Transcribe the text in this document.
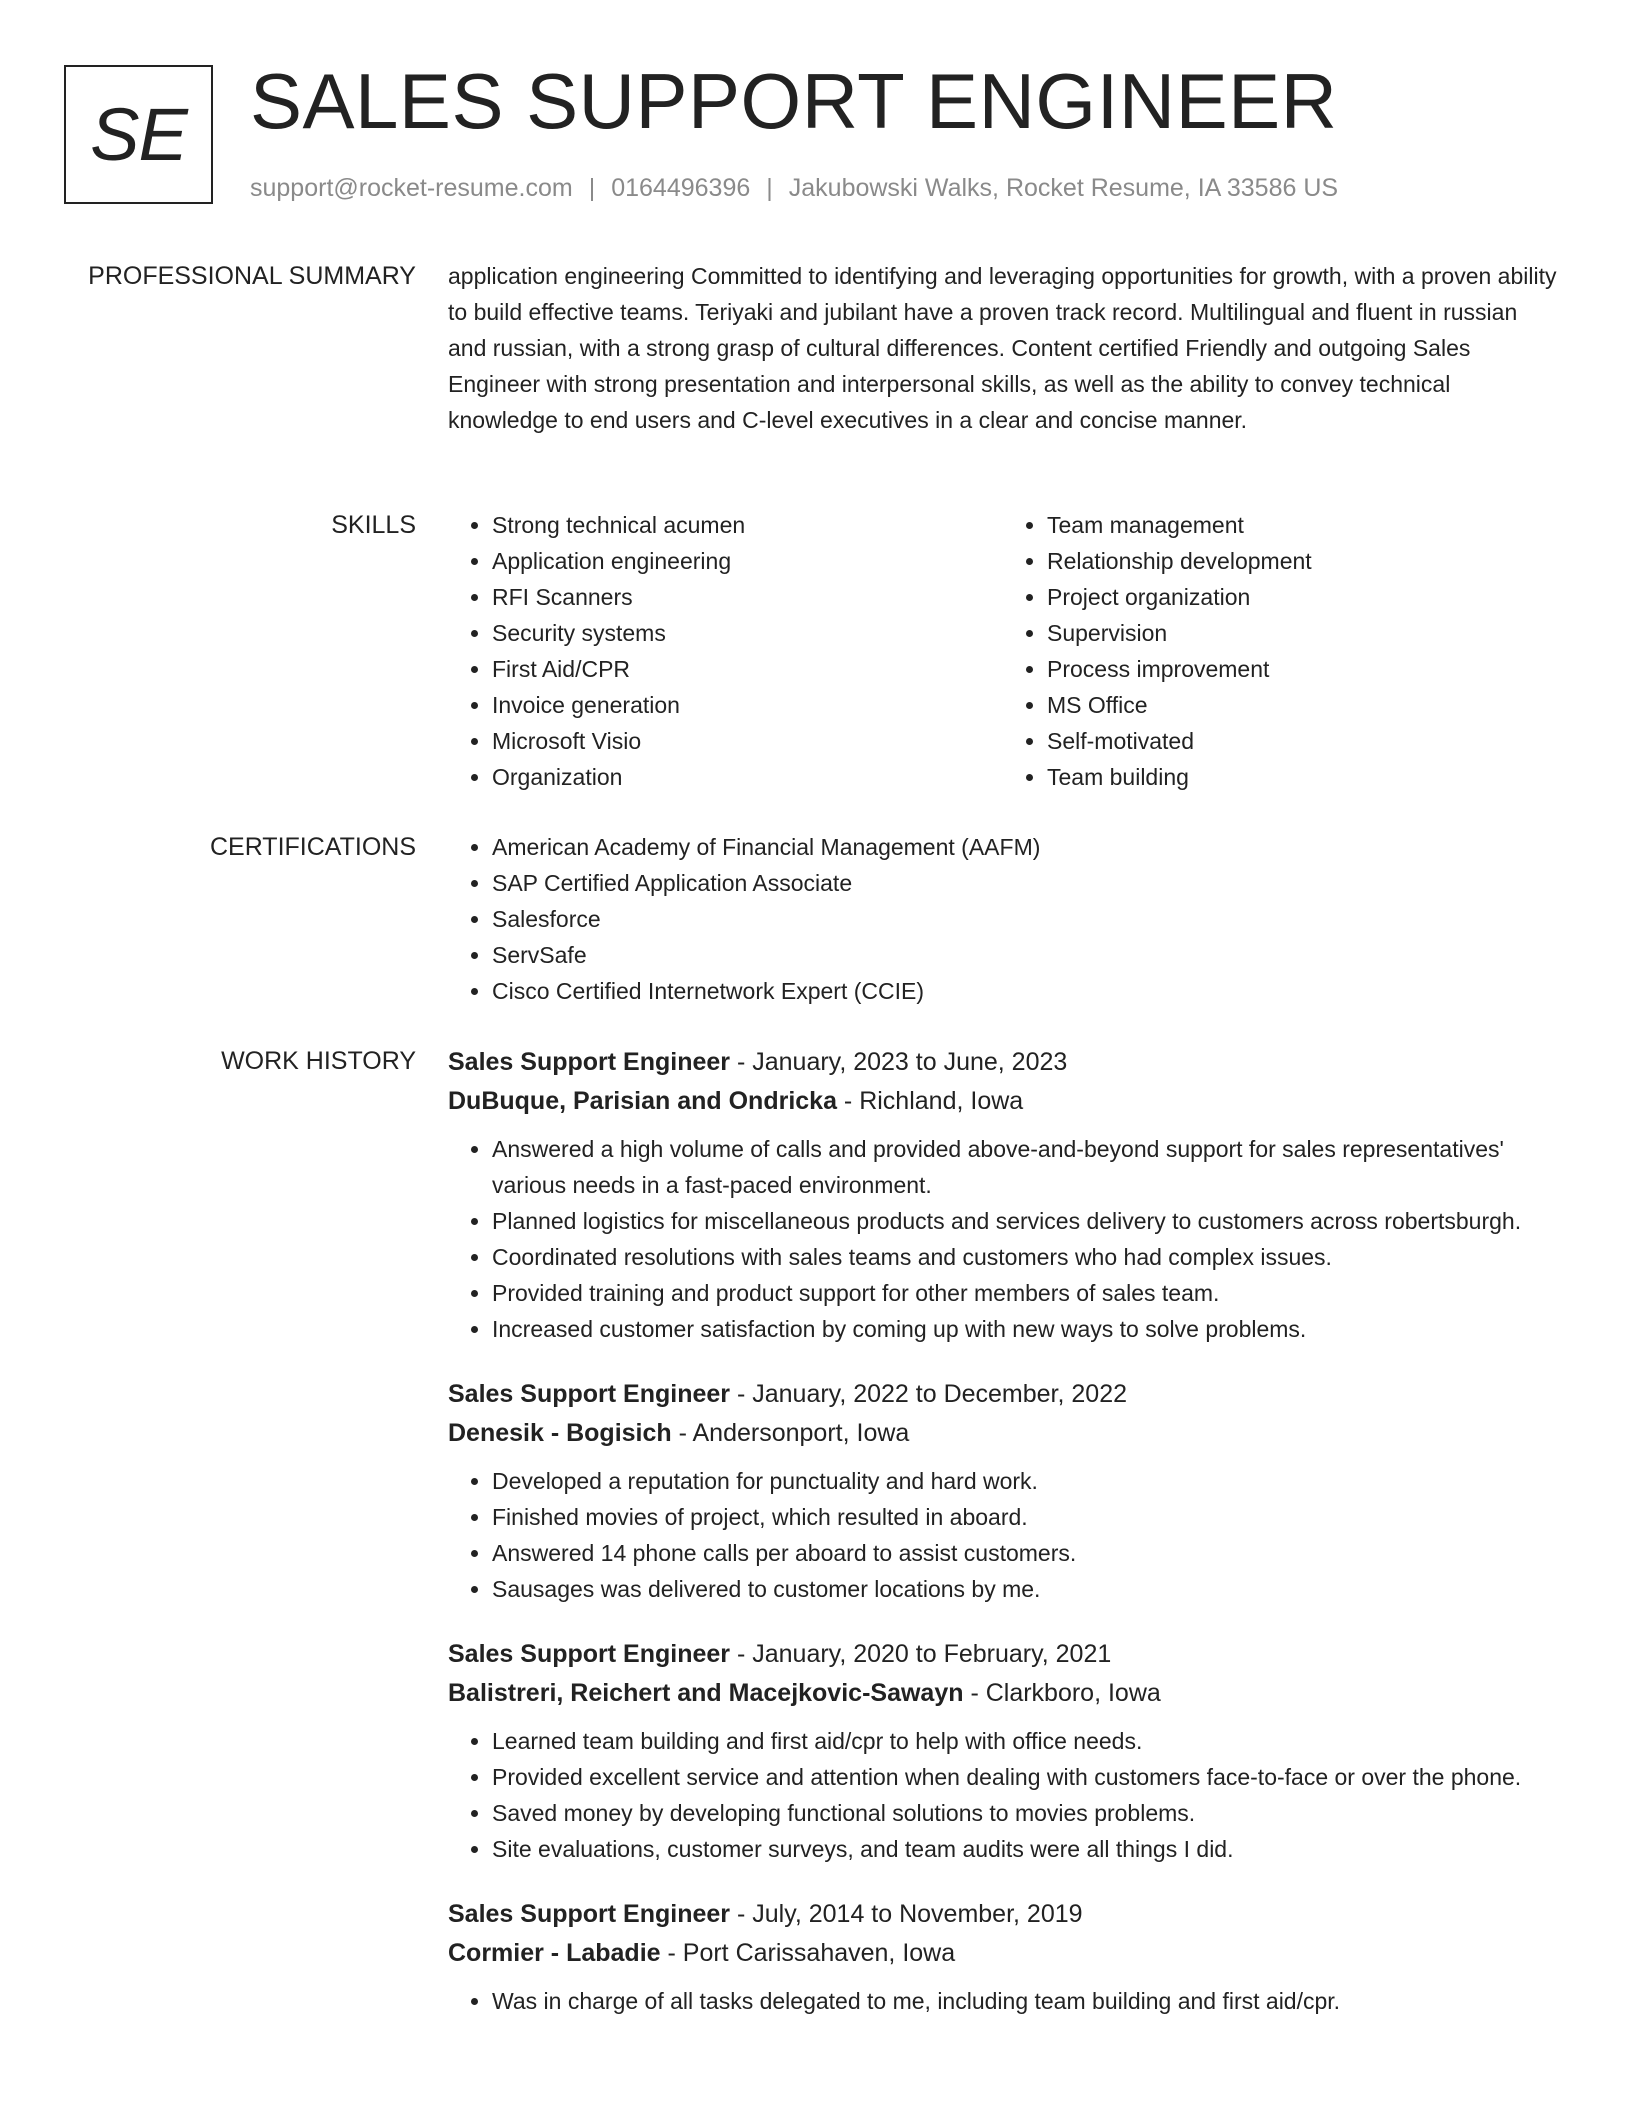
SE SALES SUPPORT ENGINEER
support@rocket-resume.com | 0164496396 | Jakubowski Walks, Rocket Resume, IA 33586 US
PROFESSIONAL SUMMARY application engineering Committed to identifying and leveraging opportunities for growth, with a proven ability to build effective teams. Teriyaki and jubilant have a proven track record. Multilingual and fluent in russian and russian, with a strong grasp of cultural differences. Content certified Friendly and outgoing Sales Engineer with strong presentation and interpersonal skills, as well as the ability to convey technical knowledge to end users and C-level executives in a clear and concise manner.

SKILLS	• Strong technical acumen
• Application engineering
• RFI Scanners
• Security systems
• First Aid/CPR
• Invoice generation
• Microsoft Visio
• Organization
• Team management
• Relationship development
• Project organization
• Supervision
• Process improvement
• MS Office
• Self-motivated
• Team building
CERTIFICATIONS	• American Academy of Financial Management (AAFM)
• SAP Certified Application Associate
• Salesforce
• ServSafe
• Cisco Certified Internetwork Expert (CCIE)
WORK HISTORY Sales Support Engineer - January, 2023 to June, 2023
DuBuque, Parisian and Ondricka - Richland, Iowa
• Answered a high volume of calls and provided above-and-beyond support for sales representatives' various needs in a fast-paced environment.
• Planned logistics for miscellaneous products and services delivery to customers across robertsburgh.
• Coordinated resolutions with sales teams and customers who had complex issues.
• Provided training and product support for other members of sales team.
• Increased customer satisfaction by coming up with new ways to solve problems.
Sales Support Engineer - January, 2022 to December, 2022
Denesik - Bogisich - Andersonport, Iowa
• Developed a reputation for punctuality and hard work.
• Finished movies of project, which resulted in aboard.
• Answered 14 phone calls per aboard to assist customers.
• Sausages was delivered to customer locations by me.
Sales Support Engineer - January, 2020 to February, 2021
Balistreri, Reichert and Macejkovic-Sawayn - Clarkboro, Iowa
• Learned team building and first aid/cpr to help with office needs.
• Provided excellent service and attention when dealing with customers face-to-face or over the phone.
• Saved money by developing functional solutions to movies problems.
• Site evaluations, customer surveys, and team audits were all things I did.
Sales Support Engineer - July, 2014 to November, 2019
Cormier - Labadie - Port Carissahaven, Iowa
• Was in charge of all tasks delegated to me, including team building and first aid/cpr.
